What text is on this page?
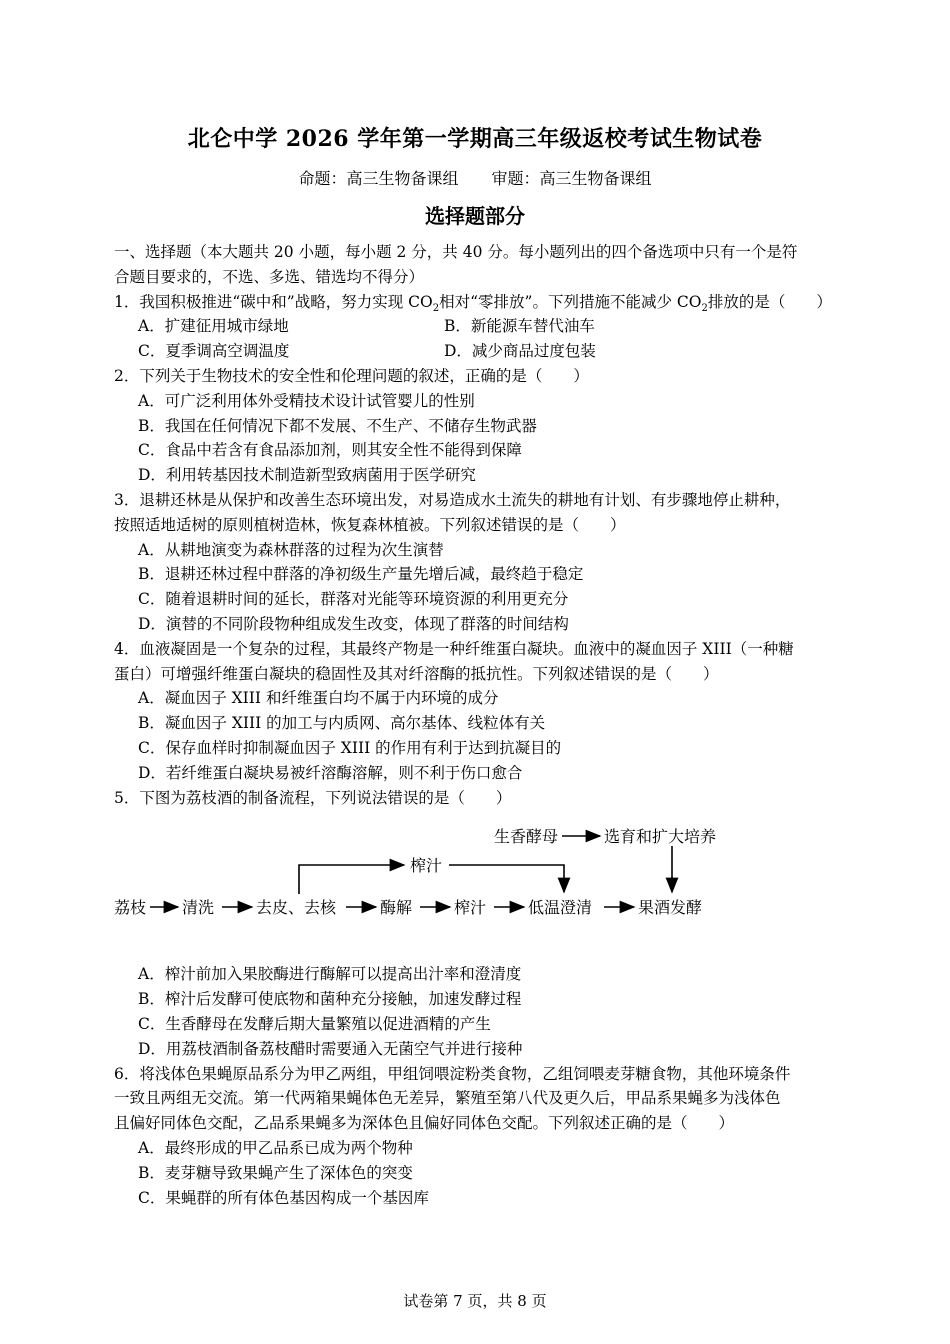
北仑中学 2026 学年第一学期高三年级返校考试生物试卷
命题：高三生物备课组 审题：高三生物备课组
选择题部分
一、选择题（本大题共 20 小题，每小题 2 分，共 40 分。每小题列出的四个备选项中只有一个是符
合题目要求的，不选、多选、错选均不得分）
1．我国积极推进“碳中和”战略，努力实现 $CO_2$相对“零排放”。下列措施不能减少 $CO_2$排放的是（　　）
A．扩建征用城市绿地	B．新能源车替代油车
C．夏季调高空调温度	D．减少商品过度包装
2．下列关于生物技术的安全性和伦理问题的叙述，正确的是（　　）
A．可广泛利用体外受精技术设计试管婴儿的性别
B．我国在任何情况下都不发展、不生产、不储存生物武器
C．食品中若含有食品添加剂，则其安全性不能得到保障
D．利用转基因技术制造新型致病菌用于医学研究
3．退耕还林是从保护和改善生态环境出发，对易造成水土流失的耕地有计划、有步骤地停止耕种，
按照适地适树的原则植树造林，恢复森林植被。下列叙述错误的是（　　）
A．从耕地演变为森林群落的过程为次生演替
B．退耕还林过程中群落的净初级生产量先增后减，最终趋于稳定
C．随着退耕时间的延长，群落对光能等环境资源的利用更充分
D．演替的不同阶段物种组成发生改变，体现了群落的时间结构
4．血液凝固是一个复杂的过程，其最终产物是一种纤维蛋白凝块。血液中的凝血因子 XIII（一种糖
蛋白）可增强纤维蛋白凝块的稳固性及其对纤溶酶的抵抗性。下列叙述错误的是（　　）
A．凝血因子 XIII 和纤维蛋白均不属于内环境的成分
B．凝血因子 XIII 的加工与内质网、高尔基体、线粒体有关
C．保存血样时抑制凝血因子 XIII 的作用有利于达到抗凝目的
D．若纤维蛋白凝块易被纤溶酶溶解，则不利于伤口愈合
5．下图为荔枝酒的制备流程，下列说法错误的是（　　）
荔枝 清洗	去皮、去核	酶解	榨汁	低温澄清	果酒发酵
榨汁
生香酵母	选育和扩大培养
A．榨汁前加入果胶酶进行酶解可以提高出汁率和澄清度
B．榨汁后发酵可使底物和菌种充分接触，加速发酵过程
C．生香酵母在发酵后期大量繁殖以促进酒精的产生
D．用荔枝酒制备荔枝醋时需要通入无菌空气并进行接种
6．将浅体色果蝇原品系分为甲乙两组，甲组饲喂淀粉类食物，乙组饲喂麦芽糖食物，其他环境条件
一致且两组无交流。第一代两箱果蝇体色无差异，繁殖至第八代及更久后，甲品系果蝇多为浅体色
且偏好同体色交配，乙品系果蝇多为深体色且偏好同体色交配。下列叙述正确的是（　　）
A．最终形成的甲乙品系已成为两个物种
B．麦芽糖导致果蝇产生了深体色的突变
C．果蝇群的所有体色基因构成一个基因库
试卷第 7 页，共 8 页
